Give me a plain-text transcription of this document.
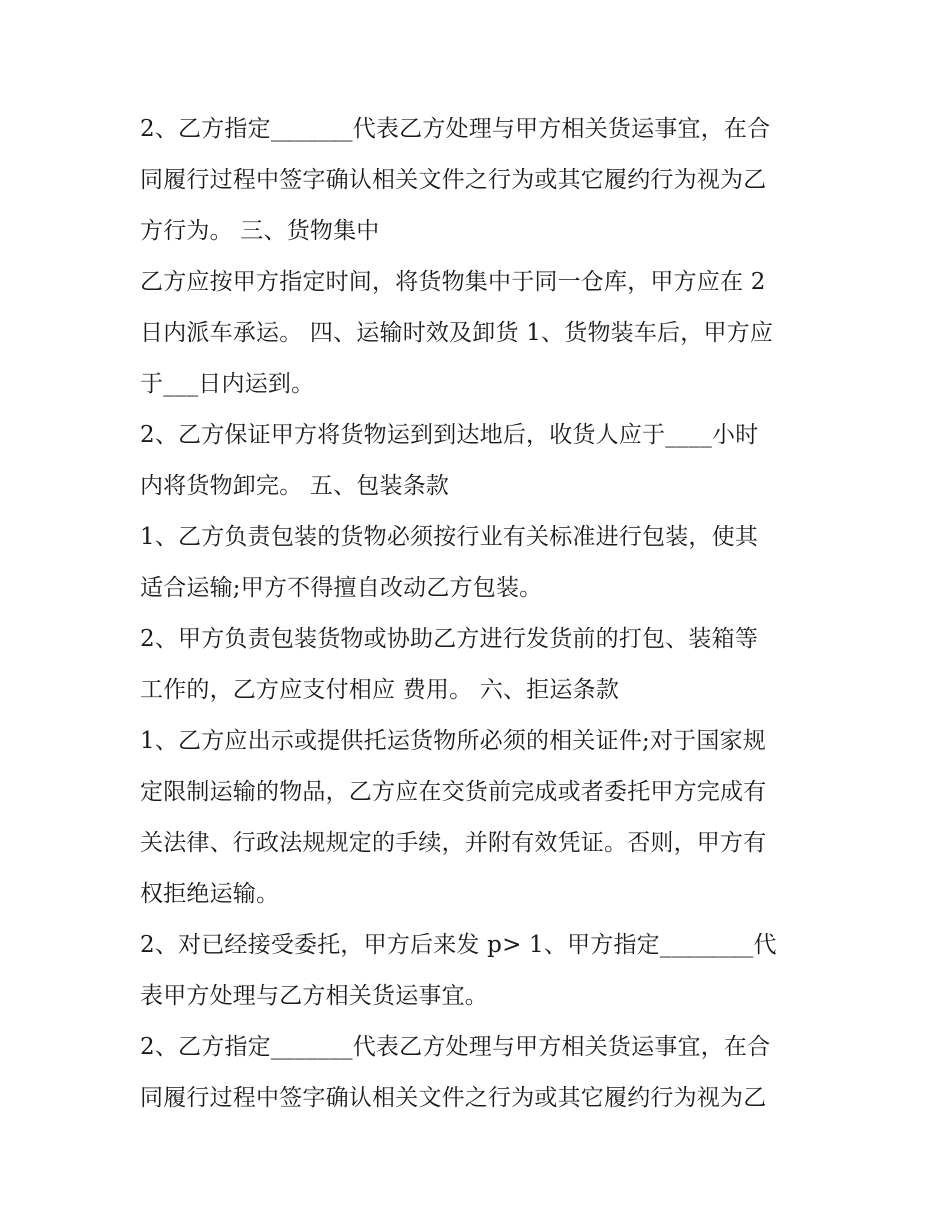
2、乙方指定_______代表乙方处理与甲方相关货运事宜，在合
同履行过程中签字确认相关文件之行为或其它履约行为视为乙
方行为。 三、货物集中
乙方应按甲方指定时间，将货物集中于同一仓库，甲方应在 2
日内派车承运。 四、运输时效及卸货 1、货物装车后，甲方应
于___日内运到。
2、乙方保证甲方将货物运到到达地后，收货人应于____小时
内将货物卸完。 五、包装条款
1、乙方负责包装的货物必须按行业有关标准进行包装，使其
适合运输;甲方不得擅自改动乙方包装。
2、甲方负责包装货物或协助乙方进行发货前的打包、装箱等
工作的，乙方应支付相应 费用。 六、拒运条款
1、乙方应出示或提供托运货物所必须的相关证件;对于国家规
定限制运输的物品，乙方应在交货前完成或者委托甲方完成有
关法律、行政法规规定的手续，并附有效凭证。否则，甲方有
权拒绝运输。
2、对已经接受委托，甲方后来发 p> 1、甲方指定________代
表甲方处理与乙方相关货运事宜。
2、乙方指定_______代表乙方处理与甲方相关货运事宜，在合
同履行过程中签字确认相关文件之行为或其它履约行为视为乙
